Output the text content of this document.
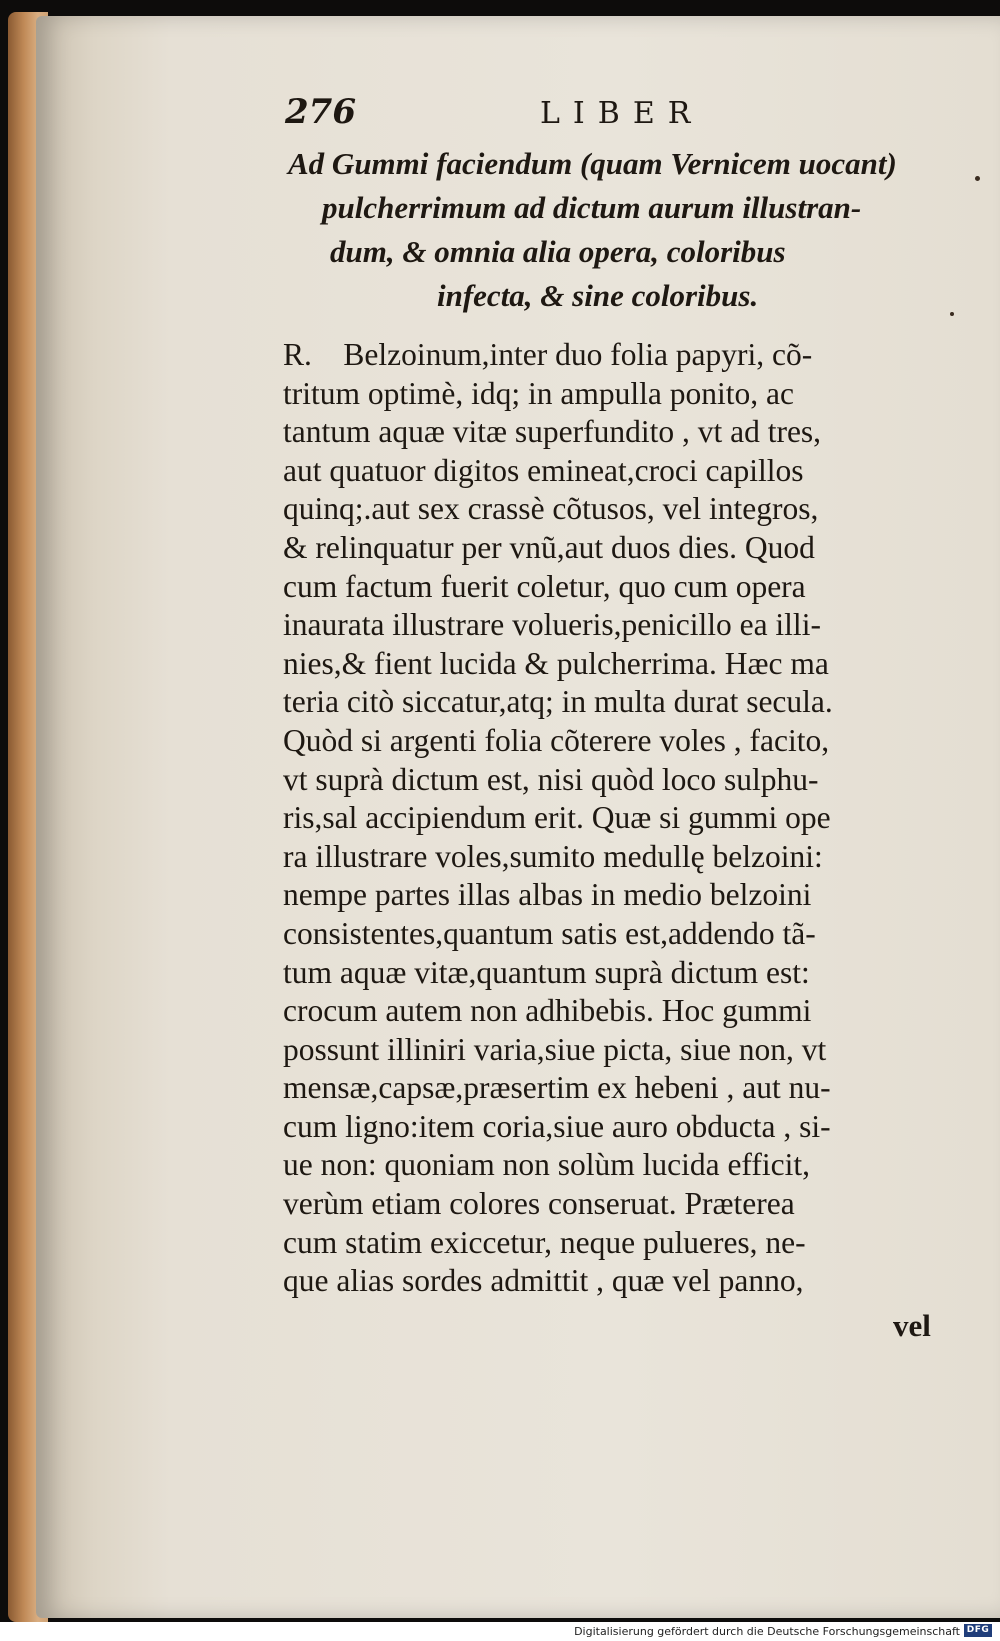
276	LIBER
Ad Gummi faciendum (quam Vernicem uocant)
pulcherrimum ad dictum aurum illustran-
dum, & omnia alia opera, coloribus
infecta, & sine coloribus.
R.    Belzoinum,inter duo folia papyri, cõ-
tritum optimè, idq; in ampulla ponito, ac
tantum aquæ vitæ superfundito , vt ad tres,
aut quatuor digitos emineat,croci capillos
quinq;.aut sex crassè cõtusos, vel integros,
& relinquatur per vnũ,aut duos dies. Quod
cum factum fuerit coletur, quo cum opera
inaurata illustrare volueris,penicillo ea illi-
nies,& fient lucida & pulcherrima. Hæc ma
teria citò siccatur,atq; in multa durat secula.
Quòd si argenti folia cõterere voles , facito,
vt suprà dictum est, nisi quòd loco sulphu-
ris,sal accipiendum erit. Quæ si gummi ope
ra illustrare voles,sumito medullę belzoini:
nempe partes illas albas in medio belzoini
consistentes,quantum satis est,addendo tã-
tum aquæ vitæ,quantum suprà dictum est:
crocum autem non adhibebis. Hoc gummi
possunt illiniri varia,siue picta, siue non, vt
mensæ,capsæ,præsertim ex hebeni , aut nu-
cum ligno:item coria,siue auro obducta , si-
ue non: quoniam non solùm lucida efficit,
verùm etiam colores conseruat. Præterea
cum statim exiccetur, neque pulueres, ne-
que alias sordes admittit , quæ vel panno,
vel
Digitalisierung gefördert durch die Deutsche Forschungsgemeinschaft DFG
